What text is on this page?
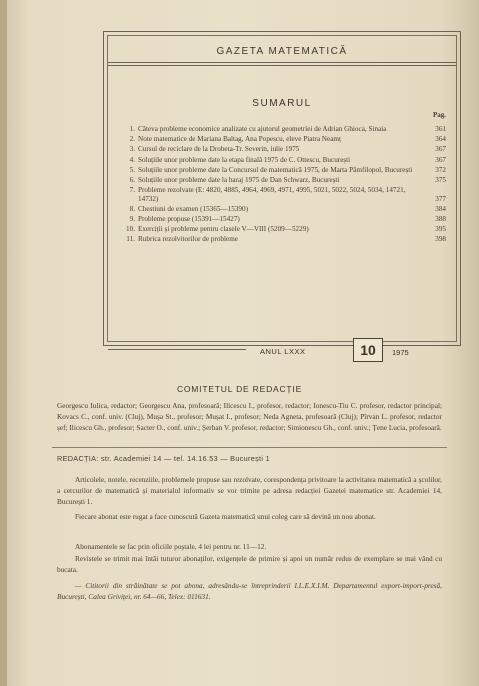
GAZETA MATEMATICĂ
SUMARUL
Pag.
1. Câteva probleme economice analizate cu ajutorul geometriei de Adrian Ghioca, Sinaia	361
2. Note matematice de Mariana Baltag, Ana Popescu, eleve Piatra Neamț	364
3. Cursul de reciclare de la Drobeta-Tr. Severin, iulie 1975	367
4. Soluțiile unor probleme date la etapa finală 1975 de C. Ottescu, București	367
5. Soluțiile unor probleme date la Concursul de matematică 1975, de Marta Pâmfilopol, București	372
6. Soluțiile unor probleme date la baraj 1975 de Dan Schwarz, București	375
7. Probleme rezolvate (E: 4820, 4885, 4964, 4969, 4971, 4995, 5021, 5022, 5024, 5034, 14721, 14732)	377
8. Chestiuni de examen (15365—15390)	384
9. Probleme propuse (15391—15427)	388
10. Exerciții și probleme pentru clasele V—VIII (5209—5229)	395
11. Rubrica rezolvitorilor de probleme	398
ANUL LXXX	10	1975
COMITETUL DE REDACȚIE
Georgescu Iulica, redactor; Georgescu Ana, profesoară; Ilicescu I., profesor, redactor; Ionescu-Tiu C. profesor, redactor principal; Kovacs C., conf. univ. (Cluj), Mușa St., profesor; Mușat I., profesor; Neda Agneta, profesoară (Cluj); Pîrvan L. profesor, redactor șef; Ilicescu Gh., profesor; Sacter O., conf. univ.; Șerban V. profesor, redactor; Simionescu Gh., conf. univ.; Țene Lucia, profesoară.
REDACȚIA: str. Academiei 14 — tel. 14.16.53 — București 1
Articolele, notele, recenziile, problemele propuse sau rezolvate, corespondența privitoare la activitatea matematică a școlilor, a cercurilor de matematică și materialul informativ se vor trimite pe adresa redacției Gazetei matematice str. Academiei 14, București 1.
Fiecare abonat este rugat a face cunoscută Gazeta matematică unui coleg care să devină un nou abonat.
Abonamentele se fac prin oficiile poștale, 4 lei pentru nr. 11—12.
Revistele se trimit mai întâi tuturor abonaților, exigențele de primire și apoi un număr redus de exemplare se mai vând cu bucata.
— Cititorii din străinătate se pot abona, adresându-se întreprinderii I.L.E.X.I.M. Departamentul export-import-presă, București, Calea Griviței, nr. 64—66, Telex: 011631.
